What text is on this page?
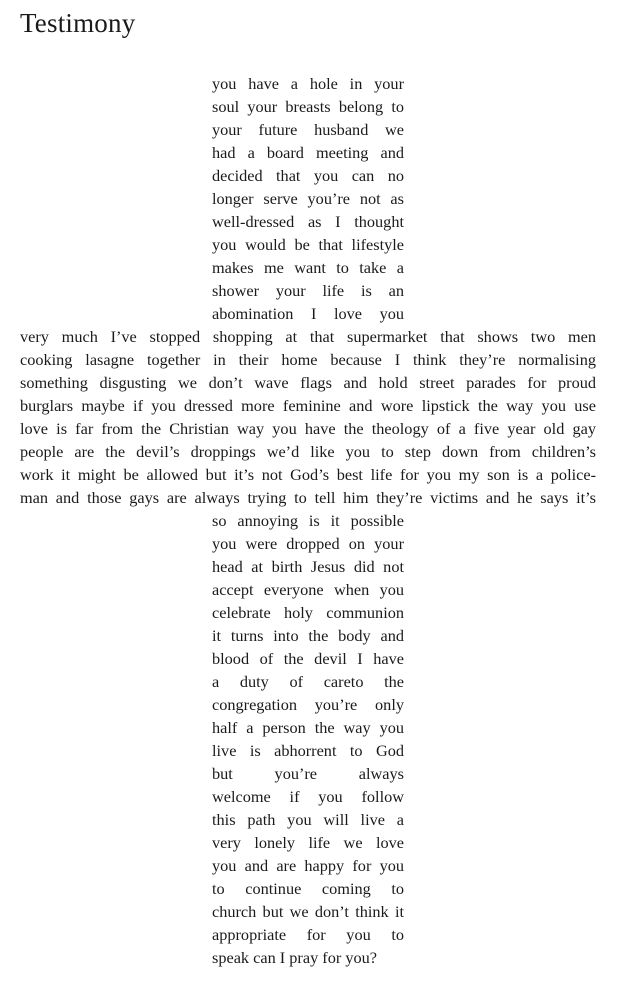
Testimony
you have a hole in your
soul your breasts belong to
your future husband we
had a board meeting and
decided that you can no
longer serve you’re not as
well-dressed as I thought
you would be that lifestyle
makes me want to take a
shower your life is an
abomination I love you
very much I’ve stopped shopping at that supermarket that shows two men
cooking lasagne together in their home because I think they’re normalising
something disgusting we don’t wave flags and hold street parades for proud
burglars maybe if you dressed more feminine and wore lipstick the way you use
love is far from the Christian way you have the theology of a five year old gay
people are the devil’s droppings we’d like you to step down from children’s
work it might be allowed but it’s not God’s best life for you my son is a police-
man and those gays are always trying to tell him they’re victims and he says it’s
so annoying is it possible
you were dropped on your
head at birth Jesus did not
accept everyone when you
celebrate holy communion
it turns into the body and
blood of the devil I have
a duty of careto the
congregation you’re only
half a person the way you
live is abhorrent to God
but you’re always
welcome if you follow
this path you will live a
very lonely life we love
you and are happy for you
to continue coming to
church but we don’t think it
appropriate for you to
speak can I pray for you?
